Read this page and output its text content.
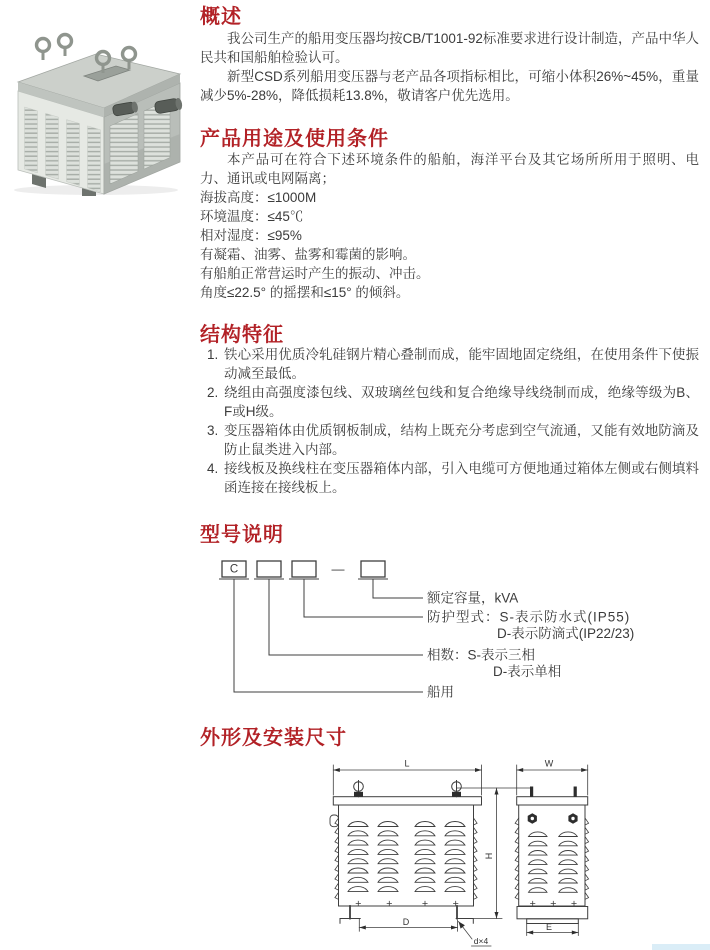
概述

我公司生产的船用变压器均按CB/T1001-92标准要求进行设计制造，产品中华人民共和国船舶检验认可。

新型CSD系列船用变压器与老产品各项指标相比，可缩小体积26%~45%，重量减少5%-28%，降低损耗13.8%，敬请客户优先选用。

产品用途及使用条件

本产品可在符合下述环境条件的船舶，海洋平台及其它场所所用于照明、电力、通讯或电网隔离；

海拔高度：≤1000M
环境温度：≤45℃
相对湿度：≤95%
有凝霜、油雾、盐雾和霉菌的影响。
有船舶正常营运时产生的振动、冲击。
角度≤22.5° 的摇摆和≤15° 的倾斜。
结构特征
1. 铁心采用优质冷轧硅钢片精心叠制而成，能牢固地固定绕组，在使用条件下使振动减至最低。
2. 绕组由高强度漆包线、双玻璃丝包线和复合绝缘导线绕制而成，绝缘等级为B、F或H级。
3. 变压器箱体由优质钢板制成，结构上既充分考虑到空气流通，又能有效地防滴及防止鼠类进入内部。
4. 接线板及换线柱在变压器箱体内部，引入电缆可方便地通过箱体左侧或右侧填料函连接在接线板上。
型号说明
C	—
额定容量，kVA
防护型式：S-表示防水式(IP55)
D-表示防滴式(IP22/23)
相数：S-表示三相
D-表示单相
船用
外形及安装尺寸
L	W
H
D	E
d×4
